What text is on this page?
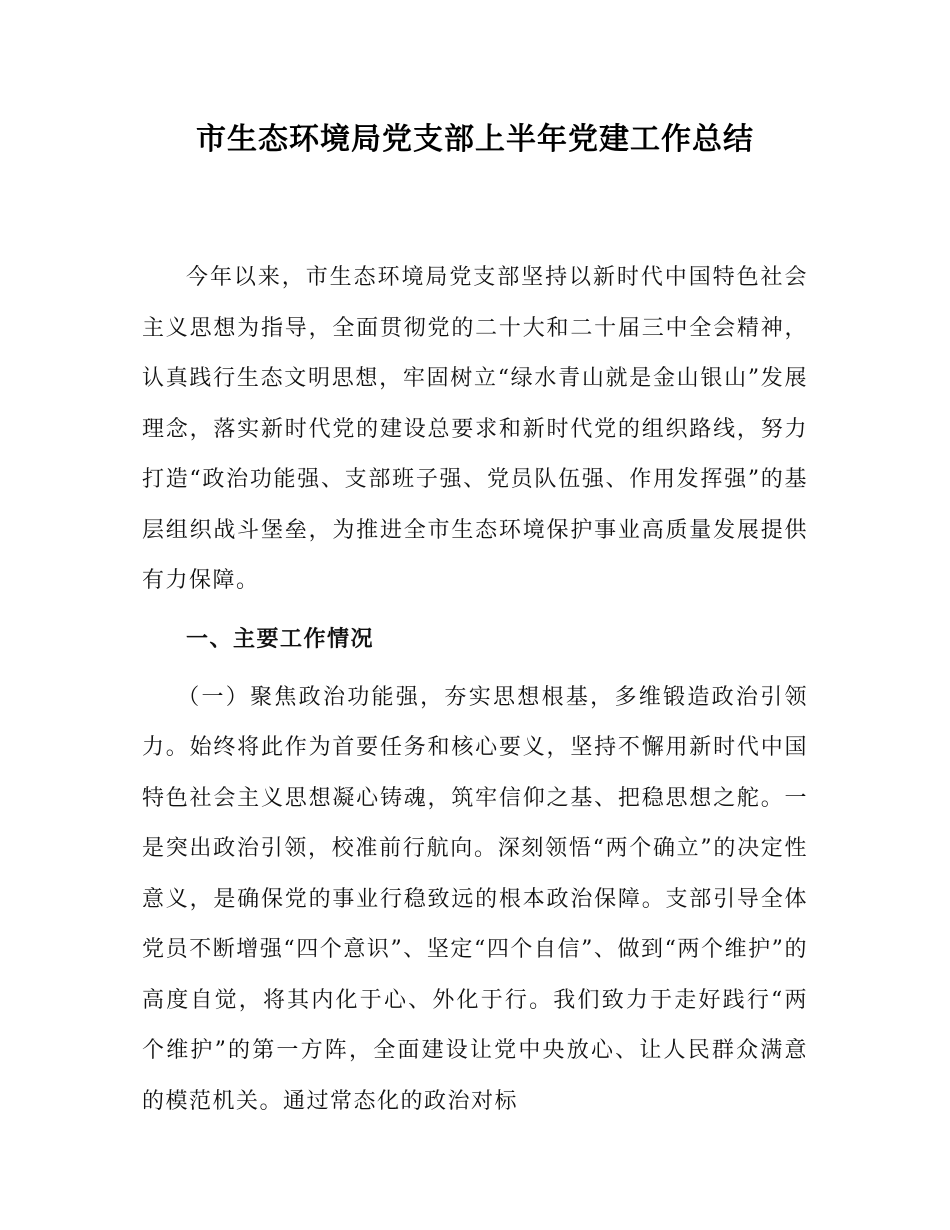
市生态环境局党支部上半年党建工作总结

今年以来，市生态环境局党支部坚持以新时代中国特色社会主义思想为指导，全面贯彻党的二十大和二十届三中全会精神，认真践行生态文明思想，牢固树立“绿水青山就是金山银山”发展理念，落实新时代党的建设总要求和新时代党的组织路线，努力打造“政治功能强、支部班子强、党员队伍强、作用发挥强”的基层组织战斗堡垒，为推进全市生态环境保护事业高质量发展提供有力保障。

一、主要工作情况

（一）聚焦政治功能强，夯实思想根基，多维锻造政治引领力。始终将此作为首要任务和核心要义，坚持不懈用新时代中国特色社会主义思想凝心铸魂，筑牢信仰之基、把稳思想之舵。一是突出政治引领，校准前行航向。深刻领悟“两个确立”的决定性意义，是确保党的事业行稳致远的根本政治保障。支部引导全体党员不断增强“四个意识”、坚定“四个自信”、做到“两个维护”的高度自觉，将其内化于心、外化于行。我们致力于走好践行“两个维护”的第一方阵，全面建设让党中央放心、让人民群众满意的模范机关。通过常态化的政治对标
